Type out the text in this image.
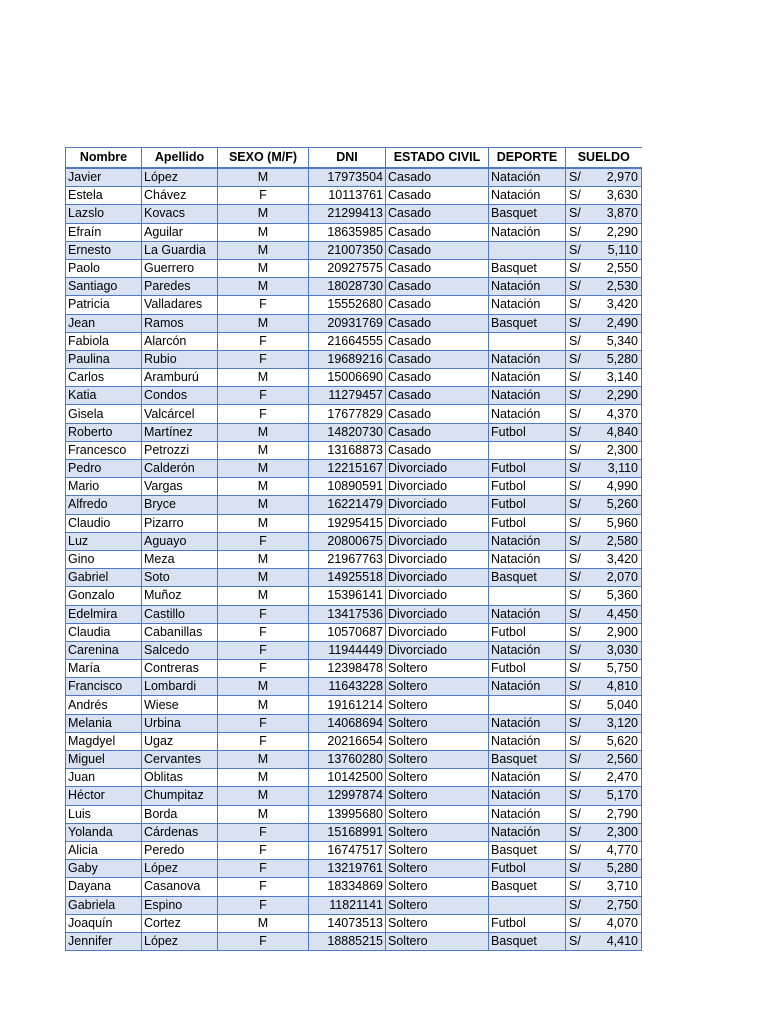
Nombre	Apellido	SEXO (M/F)	DNI	ESTADO CIVIL	DEPORTE	SUELDO
Javier	López	M	17973504	Casado	Natación	S/ 2,970

Estela	Chávez	F	10113761	Casado	Natación	S/ 3,630

Lazslo	Kovacs	M	21299413	Casado	Basquet	S/ 3,870

Efraín	Aguilar	M	18635985	Casado	Natación	S/ 2,290

Ernesto	La Guardia	M	21007350	Casado		S/ 5,110

Paolo	Guerrero	M	20927575	Casado	Basquet	S/ 2,550

Santiago	Paredes	M	18028730	Casado	Natación	S/ 2,530

Patricia	Valladares	F	15552680	Casado	Natación	S/ 3,420

Jean	Ramos	M	20931769	Casado	Basquet	S/ 2,490

Fabiola	Alarcón	F	21664555	Casado		S/ 5,340

Paulina	Rubio	F	19689216	Casado	Natación	S/ 5,280

Carlos	Aramburú	M	15006690	Casado	Natación	S/ 3,140

Katia	Condos	F	11279457	Casado	Natación	S/ 2,290

Gisela	Valcárcel	F	17677829	Casado	Natación	S/ 4,370

Roberto	Martínez	M	14820730	Casado	Futbol	S/ 4,840

Francesco	Petrozzi	M	13168873	Casado		S/ 2,300

Pedro	Calderón	M	12215167	Divorciado	Futbol	S/ 3,110

Mario	Vargas	M	10890591	Divorciado	Futbol	S/ 4,990

Alfredo	Bryce	M	16221479	Divorciado	Futbol	S/ 5,260

Claudio	Pizarro	M	19295415	Divorciado	Futbol	S/ 5,960

Luz	Aguayo	F	20800675	Divorciado	Natación	S/ 2,580

Gino	Meza	M	21967763	Divorciado	Natación	S/ 3,420

Gabriel	Soto	M	14925518	Divorciado	Basquet	S/ 2,070

Gonzalo	Muñoz	M	15396141	Divorciado		S/ 5,360

Edelmira	Castillo	F	13417536	Divorciado	Natación	S/ 4,450

Claudia	Cabanillas	F	10570687	Divorciado	Futbol	S/ 2,900

Carenina	Salcedo	F	11944449	Divorciado	Natación	S/ 3,030

María	Contreras	F	12398478	Soltero	Futbol	S/ 5,750

Francisco	Lombardi	M	11643228	Soltero	Natación	S/ 4,810

Andrés	Wiese	M	19161214	Soltero		S/ 5,040

Melania	Urbina	F	14068694	Soltero	Natación	S/ 3,120

Magdyel	Ugaz	F	20216654	Soltero	Natación	S/ 5,620

Miguel	Cervantes	M	13760280	Soltero	Basquet	S/ 2,560

Juan	Oblitas	M	10142500	Soltero	Natación	S/ 2,470

Héctor	Chumpitaz	M	12997874	Soltero	Natación	S/ 5,170

Luis	Borda	M	13995680	Soltero	Natación	S/ 2,790

Yolanda	Cárdenas	F	15168991	Soltero	Natación	S/ 2,300

Alicia	Peredo	F	16747517	Soltero	Basquet	S/ 4,770

Gaby	López	F	13219761	Soltero	Futbol	S/ 5,280

Dayana	Casanova	F	18334869	Soltero	Basquet	S/ 3,710

Gabriela	Espino	F	11821141	Soltero		S/ 2,750

Joaquín	Cortez	M	14073513	Soltero	Futbol	S/ 4,070

Jennifer	López	F	18885215	Soltero	Basquet	S/ 4,410
